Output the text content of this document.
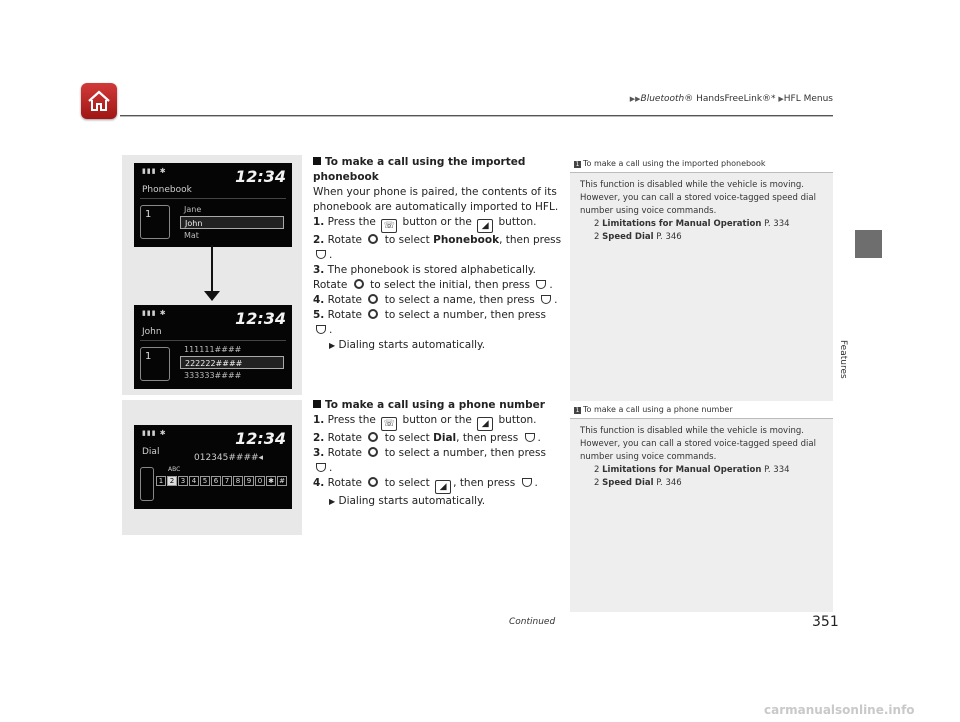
▶▶Bluetooth® HandsFreeLink®* ▶HFL Menus
Features
▮▮▮ ✱	12:34
Phonebook
1	Jane
John
Mat
▮▮▮ ✱	12:34
John
1
111111####
222222####
333333####
▮▮▮ ✱	12:34
Dial
012345####◂
ABC
1 2 3 4 5 6 7 8 9 0 ✱ #
To make a call using the imported phonebook

When your phone is paired, the contents of its phonebook are automatically imported to HFL.

1. Press the ☏ button or the ◢ button.

2. Rotate to select Phonebook, then press .

3. The phonebook is stored alphabetically. Rotate to select the initial, then press .

4. Rotate to select a name, then press .

5. Rotate to select a number, then press .

▶ Dialing starts automatically.

To make a call using a phone number

1. Press the ☏ button or the ◢ button.

2. Rotate to select Dial, then press .

3. Rotate to select a number, then press .

4. Rotate to select ◢ , then press .

▶ Dialing starts automatically.

1 To make a call using the imported phonebook

This function is disabled while the vehicle is moving. However, you can call a stored voice-tagged speed dial number using voice commands.

2 Limitations for Manual Operation P. 334

2 Speed Dial P. 346

1 To make a call using a phone number

This function is disabled while the vehicle is moving. However, you can call a stored voice-tagged speed dial number using voice commands.

2 Limitations for Manual Operation P. 334

2 Speed Dial P. 346

Continued	351
carmanualsonline.info
